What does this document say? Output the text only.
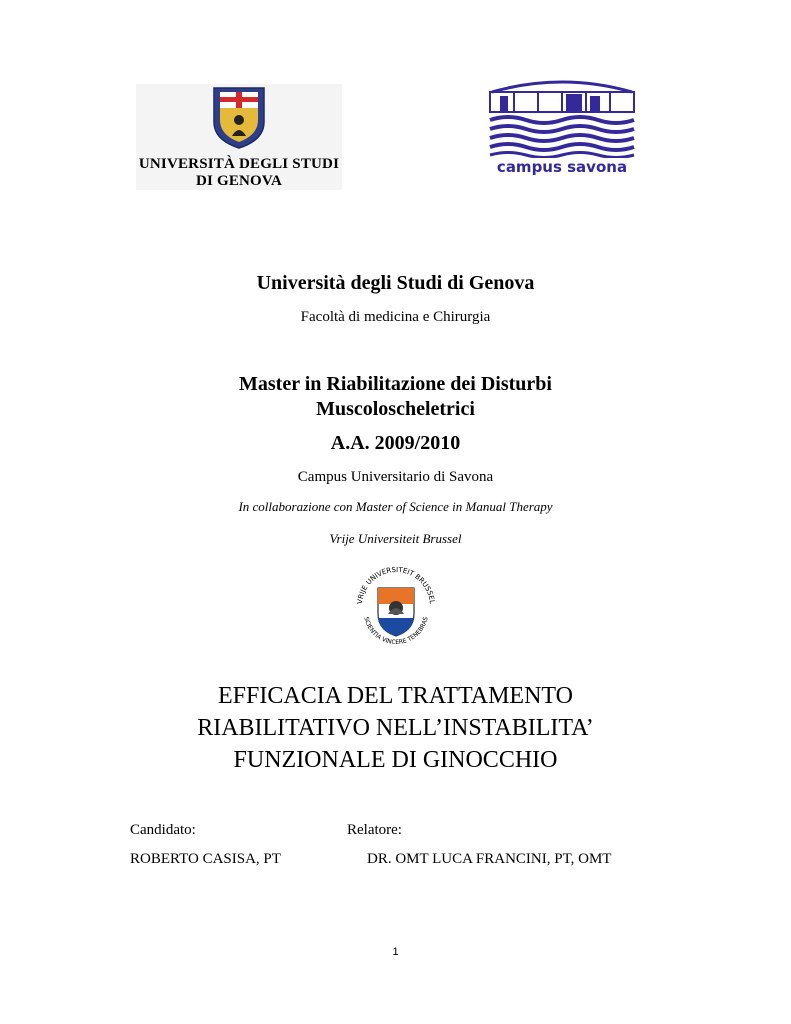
UNIVERSITÀ DEGLI STUDI
DI GENOVA
campus savona
Università degli Studi di Genova
Facoltà di medicina e Chirurgia
Master in Riabilitazione dei Disturbi
Muscoloscheletrici
A.A. 2009/2010
Campus Universitario di Savona
In collaborazione con Master of Science in Manual Therapy
Vrije Universiteit Brussel
VRIJE UNIVERSITEIT BRUSSEL
SCIENTIA VINCERE TENEBRAS
EFFICACIA DEL TRATTAMENTO
RIABILITATIVO NELL’INSTABILITA’
FUNZIONALE DI GINOCCHIO
Candidato:	Relatore:
ROBERTO CASISA, PT	DR. OMT LUCA FRANCINI, PT, OMT
1
